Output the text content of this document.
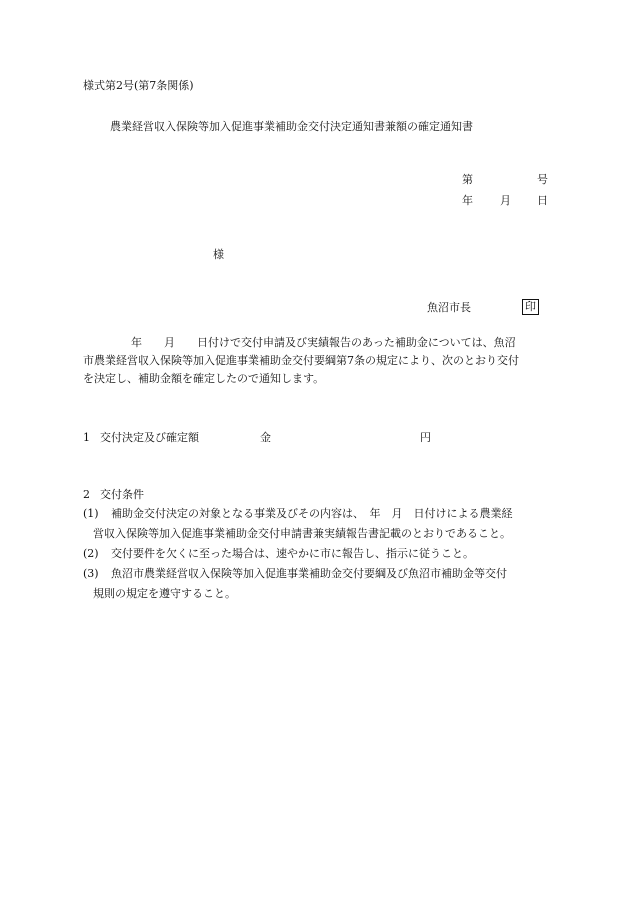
様式第2号(第7条関係)
農業経営収入保険等加入促進事業補助金交付決定通知書兼額の確定通知書
第	号
年 月 日
様
魚沼市長	印
年　　月　　日付けで交付申請及び実績報告のあった補助金については、魚沼
市農業経営収入保険等加入促進事業補助金交付要綱第7条の規定により、次のとおり交付
を決定し、補助金額を確定したので通知します。
1 交付決定及び確定額	金	円
2 交付条件
(1) 補助金交付決定の対象となる事業及びその内容は、　年　月　日付けによる農業経
営収入保険等加入促進事業補助金交付申請書兼実績報告書記載のとおりであること。
(2) 交付要件を欠くに至った場合は、速やかに市に報告し、指示に従うこと。
(3) 魚沼市農業経営収入保険等加入促進事業補助金交付要綱及び魚沼市補助金等交付
規則の規定を遵守すること。
